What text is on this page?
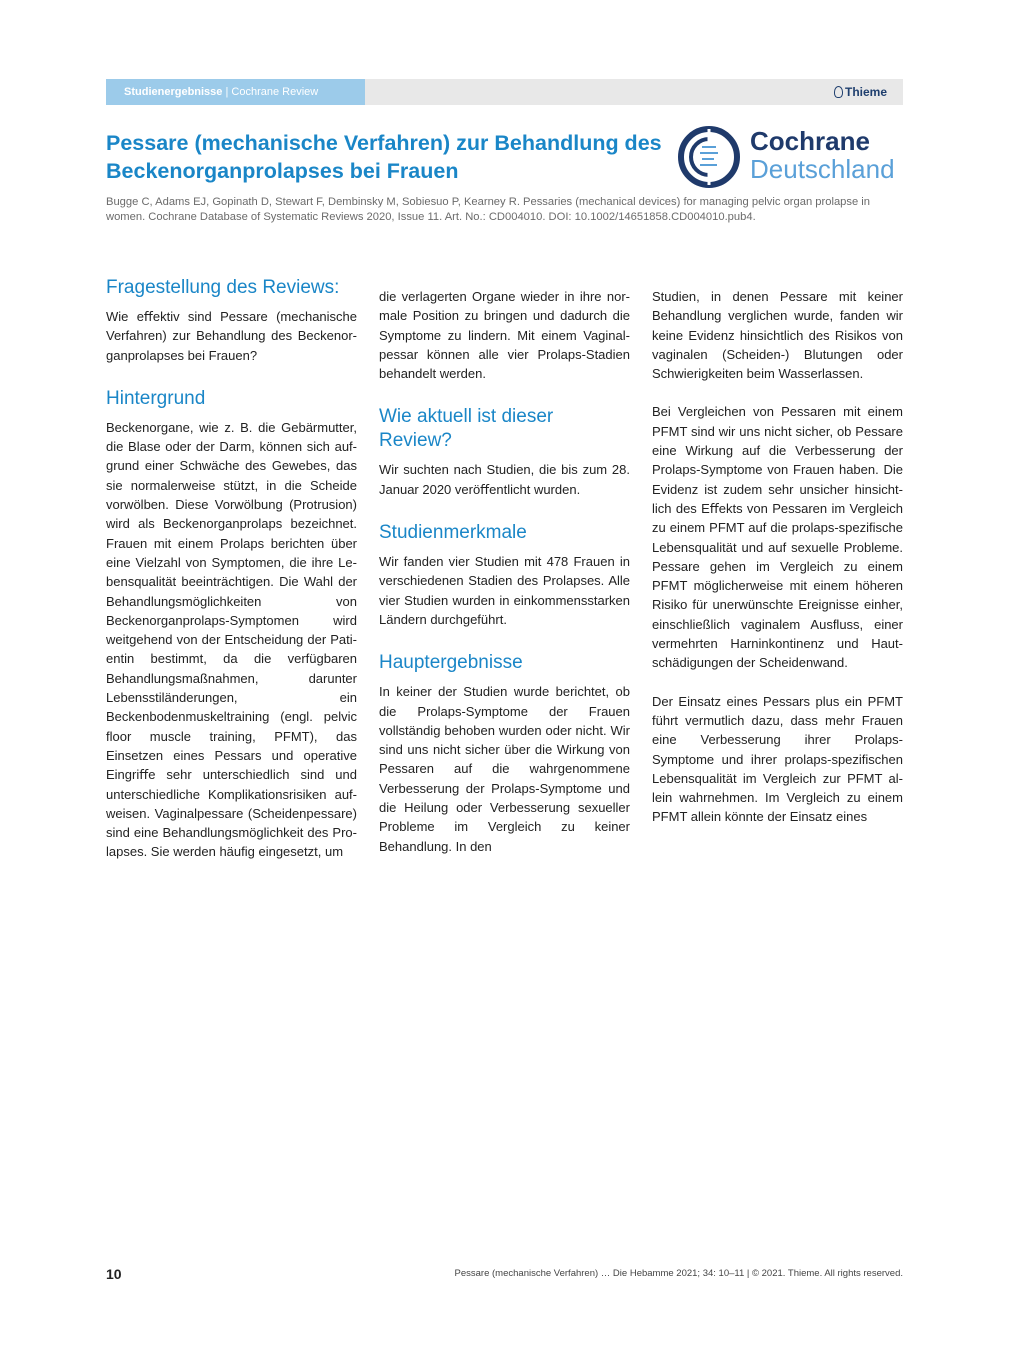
Studienergebnisse | Cochrane Review	Thieme
Pessare (mechanische Verfahren) zur Behandlung des Beckenorganprolapses bei Frauen
Cochrane
Deutschland

Bugge C, Adams EJ, Gopinath D, Stewart F, Dembinsky M, Sobiesuo P, Kearney R. Pessaries (mechanical devices) for managing pelvic organ prolapse in women. Cochrane Database of Systematic Reviews 2020, Issue 11. Art. No.: CD004010. DOI: 10.1002/14651858.CD004010.pub4.

Fragestellung des Reviews:

Wie eﬀektiv sind Pessare (mechanische Verfahren) zur Behandlung des Beckenorganprolapses bei Frauen?

Hintergrund

Beckenorgane, wie z. B. die Gebärmutter, die Blase oder der Darm, können sich aufgrund einer Schwäche des Gewebes, das sie normalerweise stützt, in die Scheide vorwölben. Diese Vorwölbung (Protrusion) wird als Beckenorganprolaps bezeichnet. Frauen mit einem Prolaps berichten über eine Vielzahl von Symptomen, die ihre Lebensqualität beeinträchtigen. Die Wahl der Behandlungsmöglichkeiten von Beckenorganprolaps-Symptomen wird weitgehend von der Entscheidung der Patientin bestimmt, da die verfügbaren Behandlungsmaßnahmen, darunter Lebensstiländerungen, ein Beckenbodenmuskeltraining (engl. pelvic floor muscle training, PFMT), das Einsetzen eines Pessars und operative Eingriﬀe sehr unterschiedlich sind und unterschiedliche Komplikationsrisiken aufweisen. Vaginalpessare (Scheidenpessare) sind eine Behandlungsmöglichkeit des Prolapses. Sie werden häufig eingesetzt, um

die verlagerten Organe wieder in ihre normale Position zu bringen und dadurch die Symptome zu lindern. Mit einem Vaginalpessar können alle vier Prolaps-Stadien behandelt werden.

Wie aktuell ist dieser Review?

Wir suchten nach Studien, die bis zum 28. Januar 2020 veröﬀentlicht wurden.

Studienmerkmale

Wir fanden vier Studien mit 478 Frauen in verschiedenen Stadien des Prolapses. Alle vier Studien wurden in einkommensstarken Ländern durchgeführt.

Hauptergebnisse

In keiner der Studien wurde berichtet, ob die Prolaps-Symptome der Frauen vollständig behoben wurden oder nicht. Wir sind uns nicht sicher über die Wirkung von Pessaren auf die wahrgenommene Verbesserung der Prolaps-Symptome und die Heilung oder Verbesserung sexueller Probleme im Vergleich zu keiner Behandlung. In den

Studien, in denen Pessare mit keiner Behandlung verglichen wurde, fanden wir keine Evidenz hinsichtlich des Risikos von vaginalen (Scheiden-) Blutungen oder Schwierigkeiten beim Wasserlassen.

Bei Vergleichen von Pessaren mit einem PFMT sind wir uns nicht sicher, ob Pessare eine Wirkung auf die Verbesserung der Prolaps-Symptome von Frauen haben. Die Evidenz ist zudem sehr unsicher hinsichtlich des Eﬀekts von Pessaren im Vergleich zu einem PFMT auf die prolaps-spezifische Lebensqualität und auf sexuelle Probleme. Pessare gehen im Vergleich zu einem PFMT möglicherweise mit einem höheren Risiko für unerwünschte Ereignisse einher, einschließlich vaginalem Ausfluss, einer vermehrten Harninkontinenz und Hautschädigungen der Scheidenwand.

Der Einsatz eines Pessars plus ein PFMT führt vermutlich dazu, dass mehr Frauen eine Verbesserung ihrer Prolaps-Symptome und ihrer prolaps-spezifischen Lebensqualität im Vergleich zur PFMT allein wahrnehmen. Im Vergleich zu einem PFMT allein könnte der Einsatz eines

10	Pessare (mechanische Verfahren) … Die Hebamme 2021; 34: 10–11 | © 2021. Thieme. All rights reserved.
